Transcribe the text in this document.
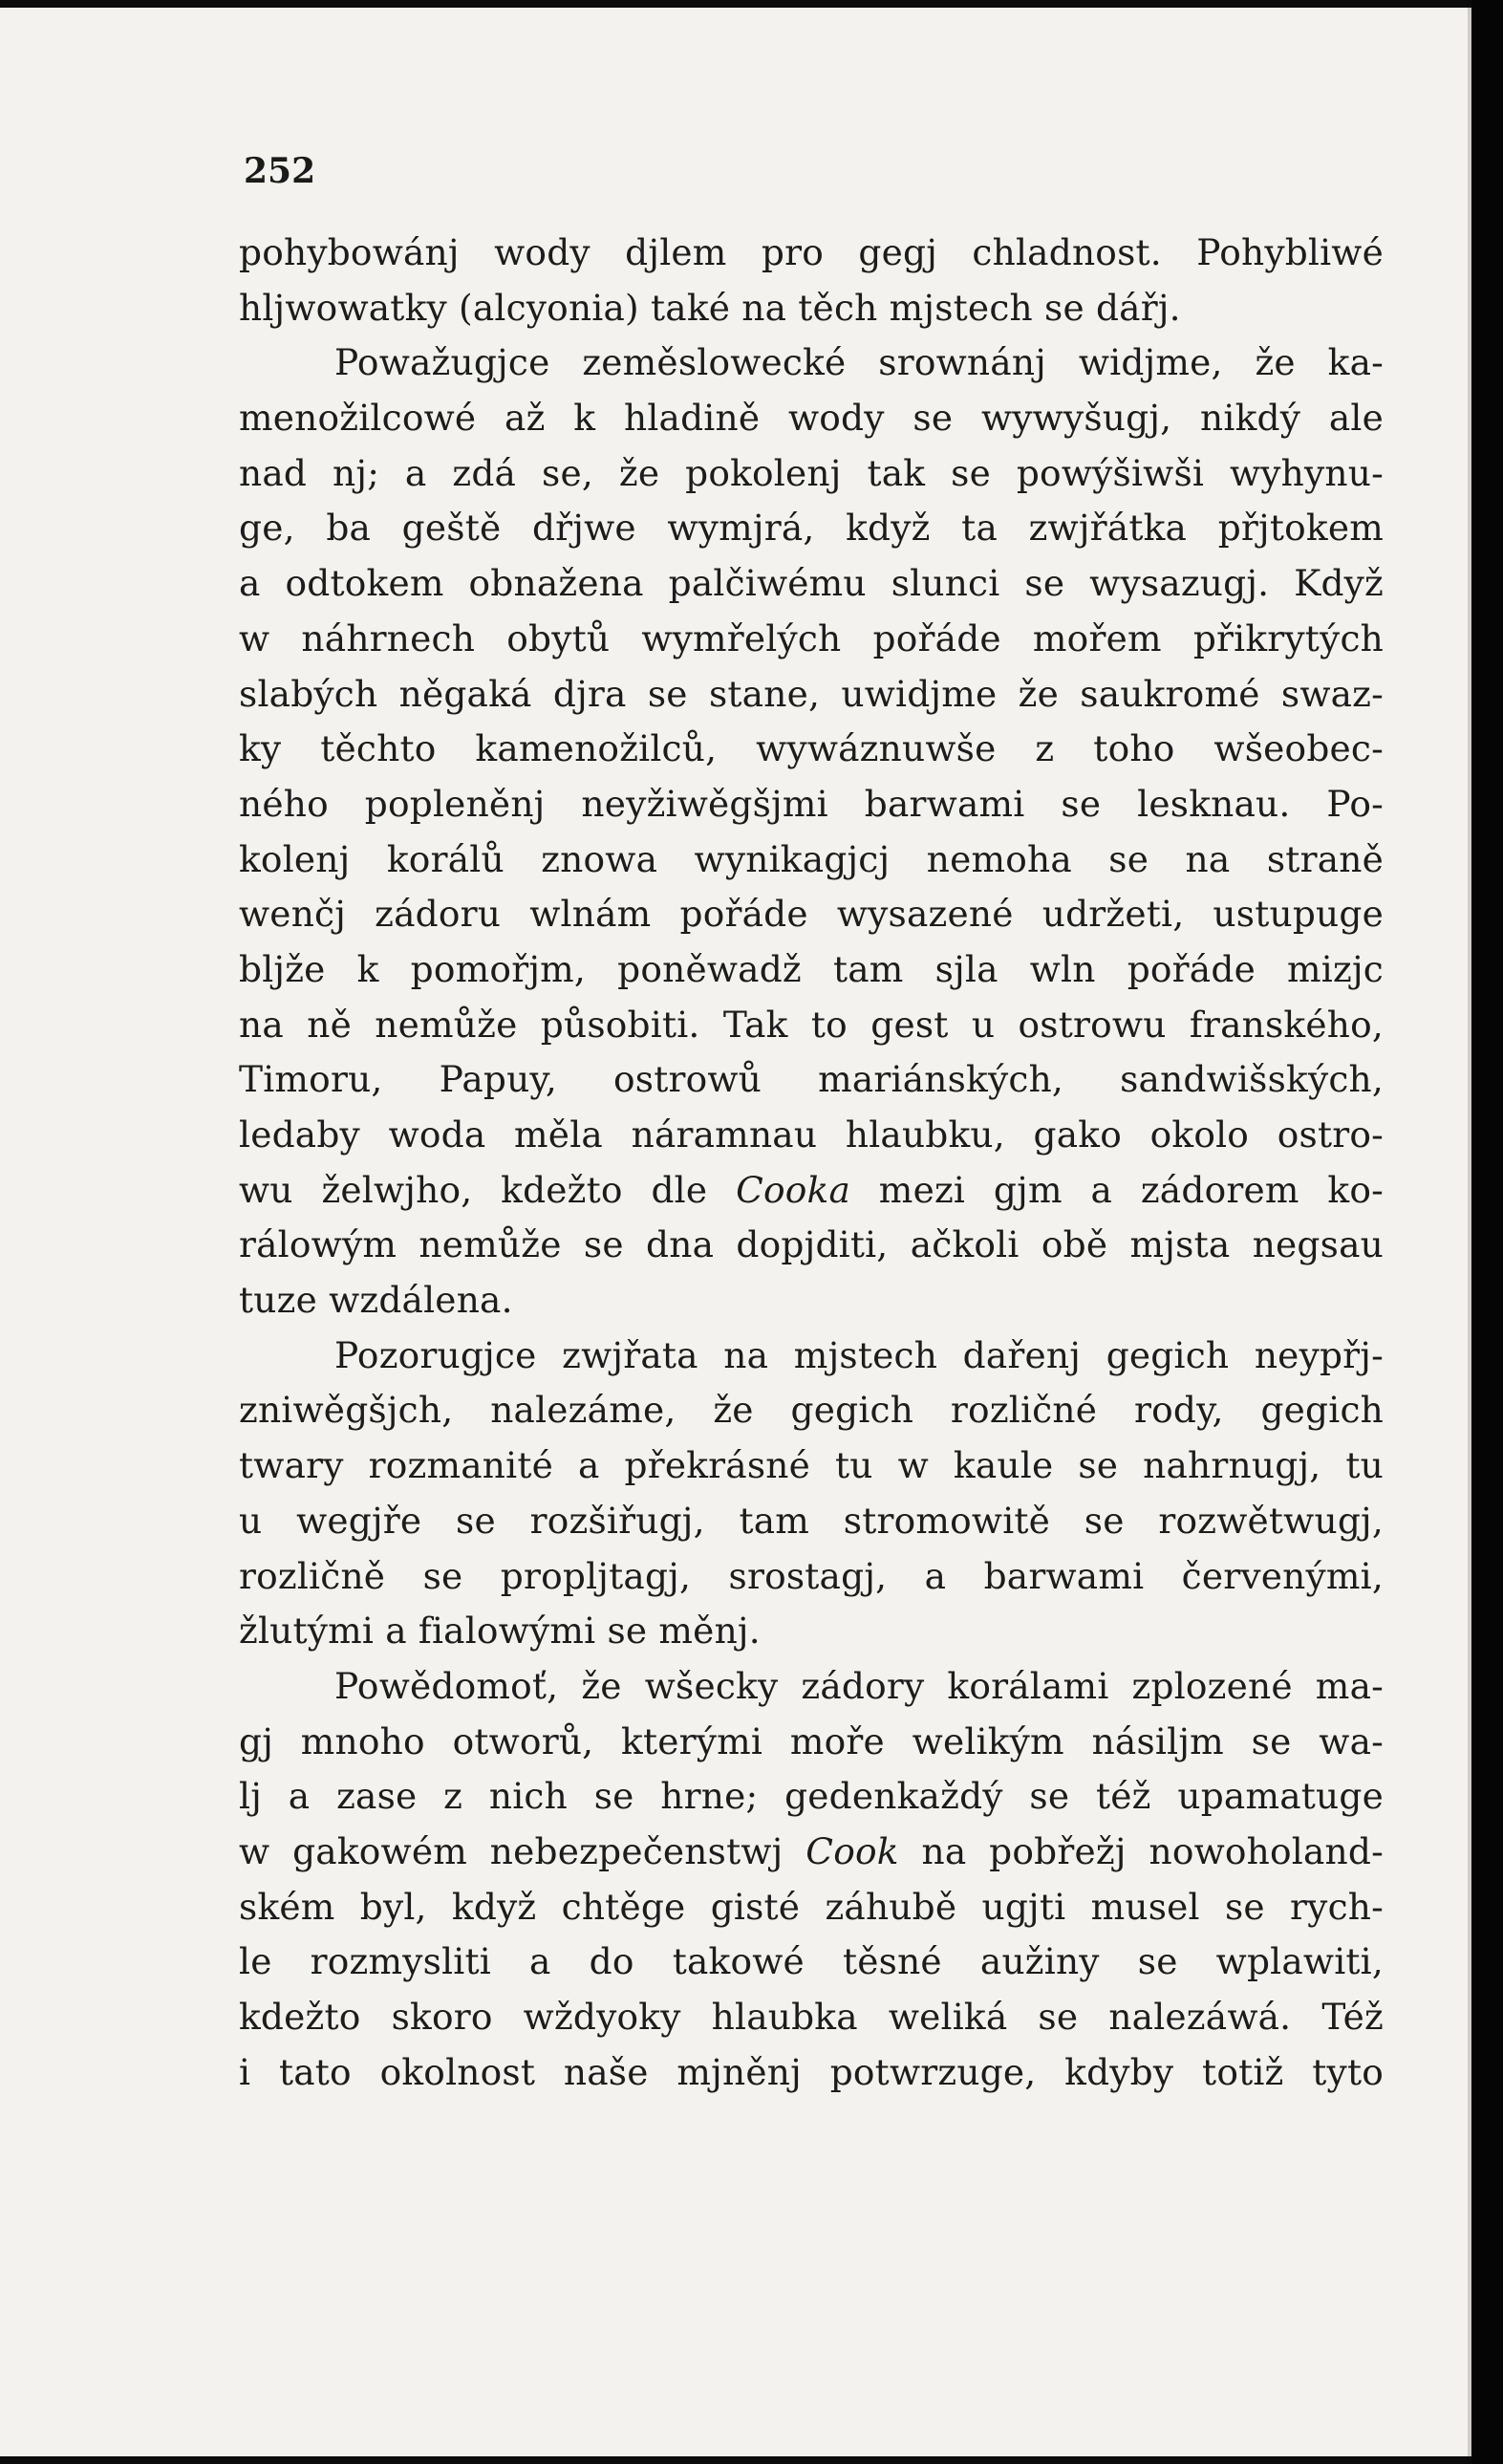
252
pohybowánj wody djlem pro gegj chladnost. Pohybliwé
hljwowatky (alcyonia) také na těch mjstech se dářj.
Powažugjce zeměslowecké srownánj widjme, že ka-
menožilcowé až k hladině wody se wywyšugj, nikdý ale
nad nj; a zdá se, že pokolenj tak se powýšiwši wyhynu-
ge, ba geště dřjwe wymjrá, když ta zwjřátka přjtokem
a odtokem obnažena palčiwému slunci se wysazugj. Když
w náhrnech obytů wymřelých pořáde mořem přikrytých
slabých něgaká djra se stane, uwidjme že saukromé swaz-
ky těchto kamenožilců, wywáznuwše z toho wšeobec-
ného popleněnj neyžiwěgšjmi barwami se lesknau. Po-
kolenj korálů znowa wynikagjcj nemoha se na straně
wenčj zádoru wlnám pořáde wysazené udržeti, ustupuge
bljže k pomořjm, poněwadž tam sjla wln pořáde mizjc
na ně nemůže působiti. Tak to gest u ostrowu franského,
Timoru, Papuy, ostrowů mariánských, sandwišských,
ledaby woda měla náramnau hlaubku, gako okolo ostro-
wu želwjho, kdežto dle Cooka mezi gjm a zádorem ko-
rálowým nemůže se dna dopjditi, ačkoli obě mjsta negsau
tuze wzdálena.
Pozorugjce zwjřata na mjstech dařenj gegich neypřj-
zniwěgšjch, nalezáme, že gegich rozličné rody, gegich
twary rozmanité a překrásné tu w kaule se nahrnugj, tu
u wegjře se rozšiřugj, tam stromowitě se rozwětwugj,
rozličně se proplјtagj, srostagj, a barwami červenými,
žlutými a fialowými se měnj.
Powědomoť, že wšecky zádory korálami zplozené ma-
gj mnoho otworů, kterými moře welikým násilјm se wa-
lj a zase z nich se hrne; gedenkaždý se též upamatuge
w gakowém nebezpečenstwj Cook na pobřežj nowoholand-
ském byl, když chtěge gisté záhubě ugjti musel se rych-
le rozmysliti a do takowé těsné aužiny se wplawiti,
kdežto skoro wždyoky hlaubka weliká se nalezáwá. Též
i tato okolnost naše mjněnj potwrzuge, kdyby totiž tyto
